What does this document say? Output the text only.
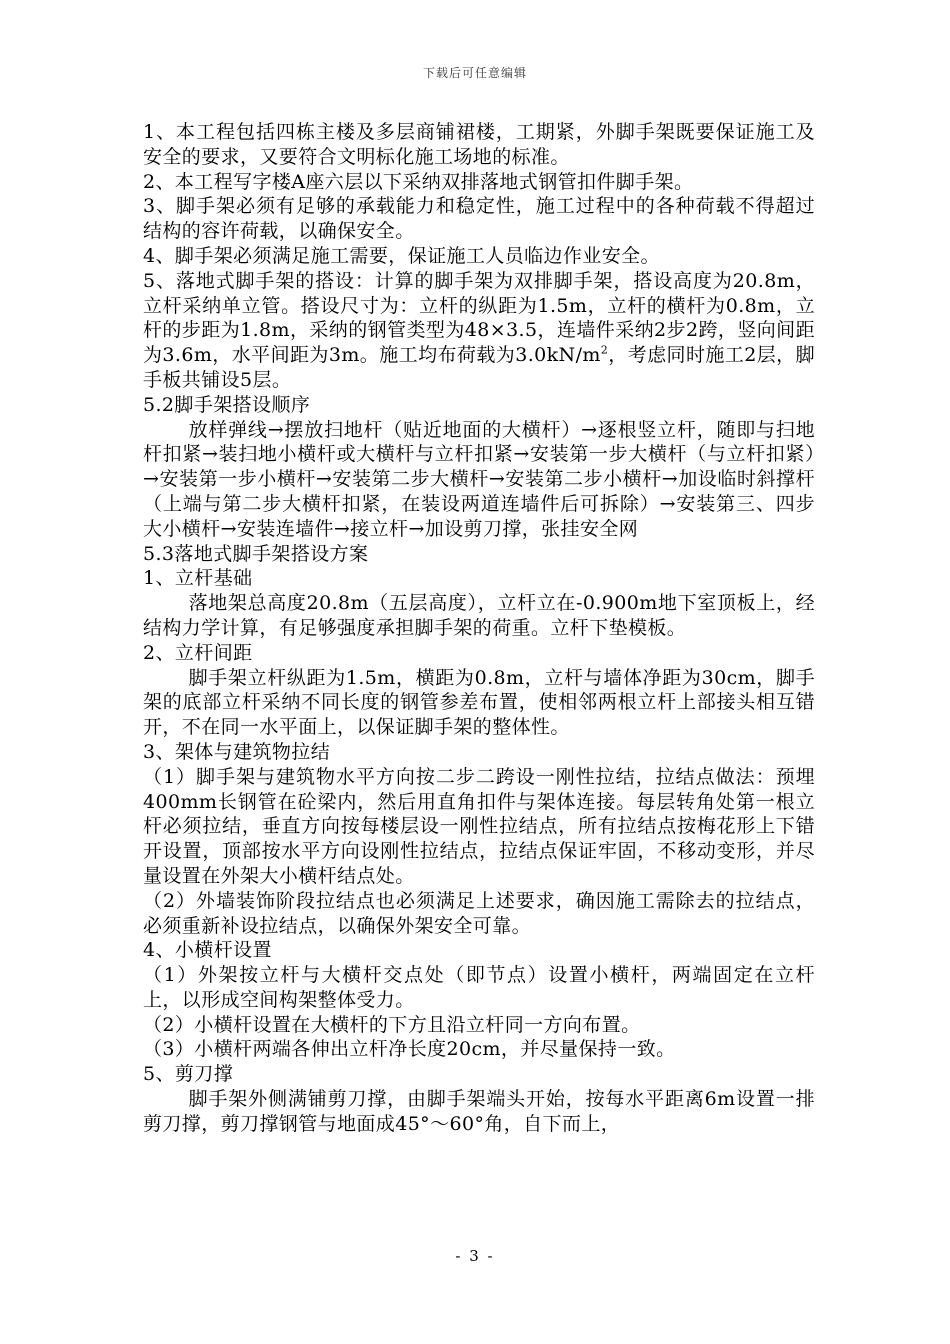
下载后可任意编辑

1、本工程包括四栋主楼及多层商铺裙楼，工期紧，外脚手架既要保证施工及安全的要求，又要符合文明标化施工场地的标准。

2、本工程写字楼A座六层以下采纳双排落地式钢管扣件脚手架。

3、脚手架必须有足够的承载能力和稳定性，施工过程中的各种荷载不得超过结构的容许荷载，以确保安全。

4、脚手架必须满足施工需要，保证施工人员临边作业安全。

5、落地式脚手架的搭设：计算的脚手架为双排脚手架，搭设高度为20.8m，立杆采纳单立管。搭设尺寸为：立杆的纵距为1.5m，立杆的横杆为0.8m，立杆的步距为1.8m，采纳的钢管类型为48×3.5，连墙件采纳2步2跨，竖向间距为3.6m，水平间距为3m。施工均布荷载为$3.0kN/m^2$，考虑同时施工2层，脚手板共铺设5层。

5.2脚手架搭设顺序

放样弹线→摆放扫地杆（贴近地面的大横杆）→逐根竖立杆，随即与扫地杆扣紧→装扫地小横杆或大横杆与立杆扣紧→安装第一步大横杆（与立杆扣紧）→安装第一步小横杆→安装第二步大横杆→安装第二步小横杆→加设临时斜撑杆（上端与第二步大横杆扣紧，在装设两道连墙件后可拆除）→安装第三、四步大小横杆→安装连墙件→接立杆→加设剪刀撑，张挂安全网

5.3落地式脚手架搭设方案

1、立杆基础

落地架总高度20.8m（五层高度），立杆立在-0.900m地下室顶板上，经结构力学计算，有足够强度承担脚手架的荷重。立杆下垫模板。

2、立杆间距

脚手架立杆纵距为1.5m，横距为0.8m，立杆与墙体净距为30cm，脚手架的底部立杆采纳不同长度的钢管参差布置，使相邻两根立杆上部接头相互错开，不在同一水平面上，以保证脚手架的整体性。

3、架体与建筑物拉结

（1）脚手架与建筑物水平方向按二步二跨设一刚性拉结，拉结点做法：预埋400mm长钢管在砼梁内，然后用直角扣件与架体连接。每层转角处第一根立杆必须拉结，垂直方向按每楼层设一刚性拉结点，所有拉结点按梅花形上下错开设置，顶部按水平方向设刚性拉结点，拉结点保证牢固，不移动变形，并尽量设置在外架大小横杆结点处。

（2）外墙装饰阶段拉结点也必须满足上述要求，确因施工需除去的拉结点，必须重新补设拉结点，以确保外架安全可靠。

4、小横杆设置

（1）外架按立杆与大横杆交点处（即节点）设置小横杆，两端固定在立杆上，以形成空间构架整体受力。

（2）小横杆设置在大横杆的下方且沿立杆同一方向布置。

（3）小横杆两端各伸出立杆净长度20cm，并尽量保持一致。

5、剪刀撑

脚手架外侧满铺剪刀撑，由脚手架端头开始，按每水平距离6m设置一排剪刀撑，剪刀撑钢管与地面成45°～60°角，自下而上，

- 3 -
